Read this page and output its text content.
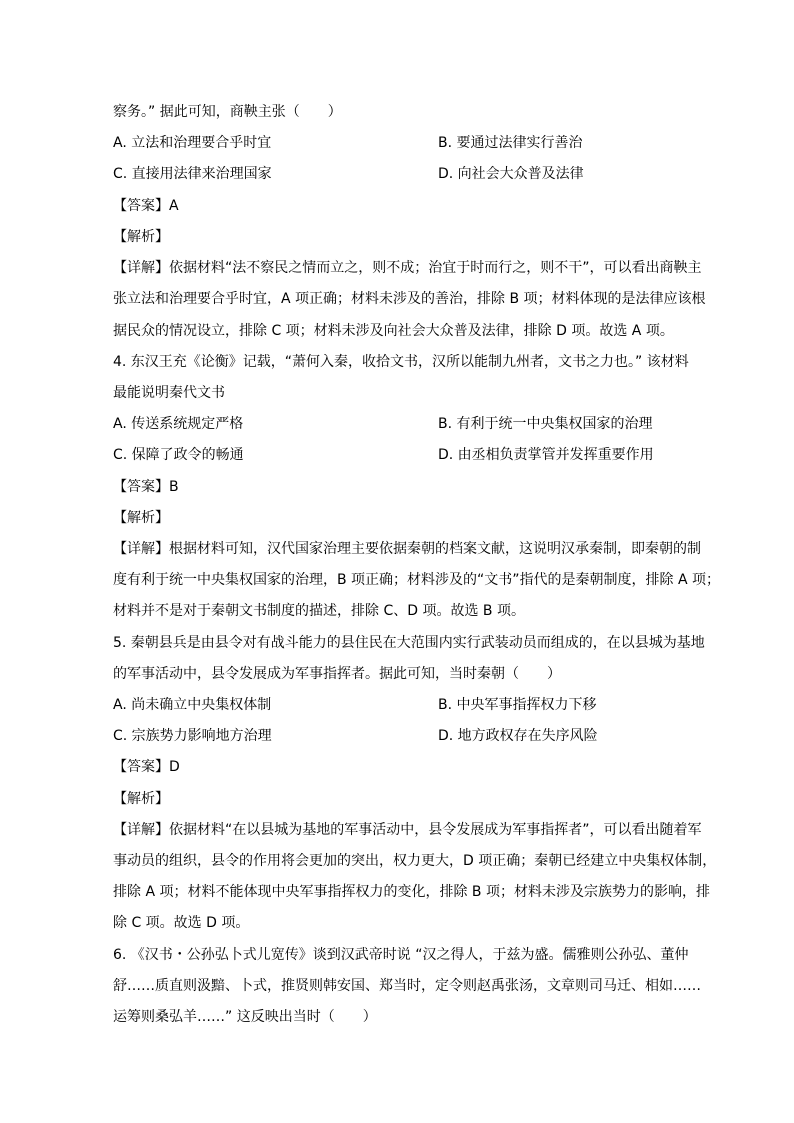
察务。” 据此可知，商鞅主张（　　）
A. 立法和治理要合乎时宜	B. 要通过法律实行善治
C. 直接用法律来治理国家	D. 向社会大众普及法律
【答案】A
【解析】
【详解】依据材料“法不察民之情而立之，则不成；治宜于时而行之，则不干”，可以看出商鞅主
张立法和治理要合乎时宜，A 项正确；材料未涉及的善治，排除 B 项；材料体现的是法律应该根
据民众的情况设立，排除 C 项；材料未涉及向社会大众普及法律，排除 D 项。故选 A 项。
4. 东汉王充《论衡》记载，“萧何入秦，收拾文书，汉所以能制九州者，文书之力也。” 该材料
最能说明秦代文书
A. 传送系统规定严格	B. 有利于统一中央集权国家的治理
C. 保障了政令的畅通	D. 由丞相负责掌管并发挥重要作用
【答案】B
【解析】
【详解】根据材料可知，汉代国家治理主要依据秦朝的档案文献，这说明汉承秦制，即秦朝的制
度有利于统一中央集权国家的治理，B 项正确；材料涉及的“文书”指代的是秦朝制度，排除 A 项；
材料并不是对于秦朝文书制度的描述，排除 C、D 项。故选 B 项。
5. 秦朝县兵是由县令对有战斗能力的县住民在大范围内实行武装动员而组成的，在以县城为基地
的军事活动中，县令发展成为军事指挥者。据此可知，当时秦朝（　　）
A. 尚未确立中央集权体制	B. 中央军事指挥权力下移
C. 宗族势力影响地方治理	D. 地方政权存在失序风险
【答案】D
【解析】
【详解】依据材料“在以县城为基地的军事活动中，县令发展成为军事指挥者”，可以看出随着军
事动员的组织，县令的作用将会更加的突出，权力更大，D 项正确；秦朝已经建立中央集权体制，
排除 A 项；材料不能体现中央军事指挥权力的变化，排除 B 项；材料未涉及宗族势力的影响，排
除 C 项。故选 D 项。
6. 《汉书・公孙弘卜式儿宽传》谈到汉武帝时说 “汉之得人，于兹为盛。儒雅则公孙弘、董仲
舒……质直则汲黯、卜式，推贤则韩安国、郑当时，定令则赵禹张汤，文章则司马迁、相如……
运筹则桑弘羊……” 这反映出当时（　　）
